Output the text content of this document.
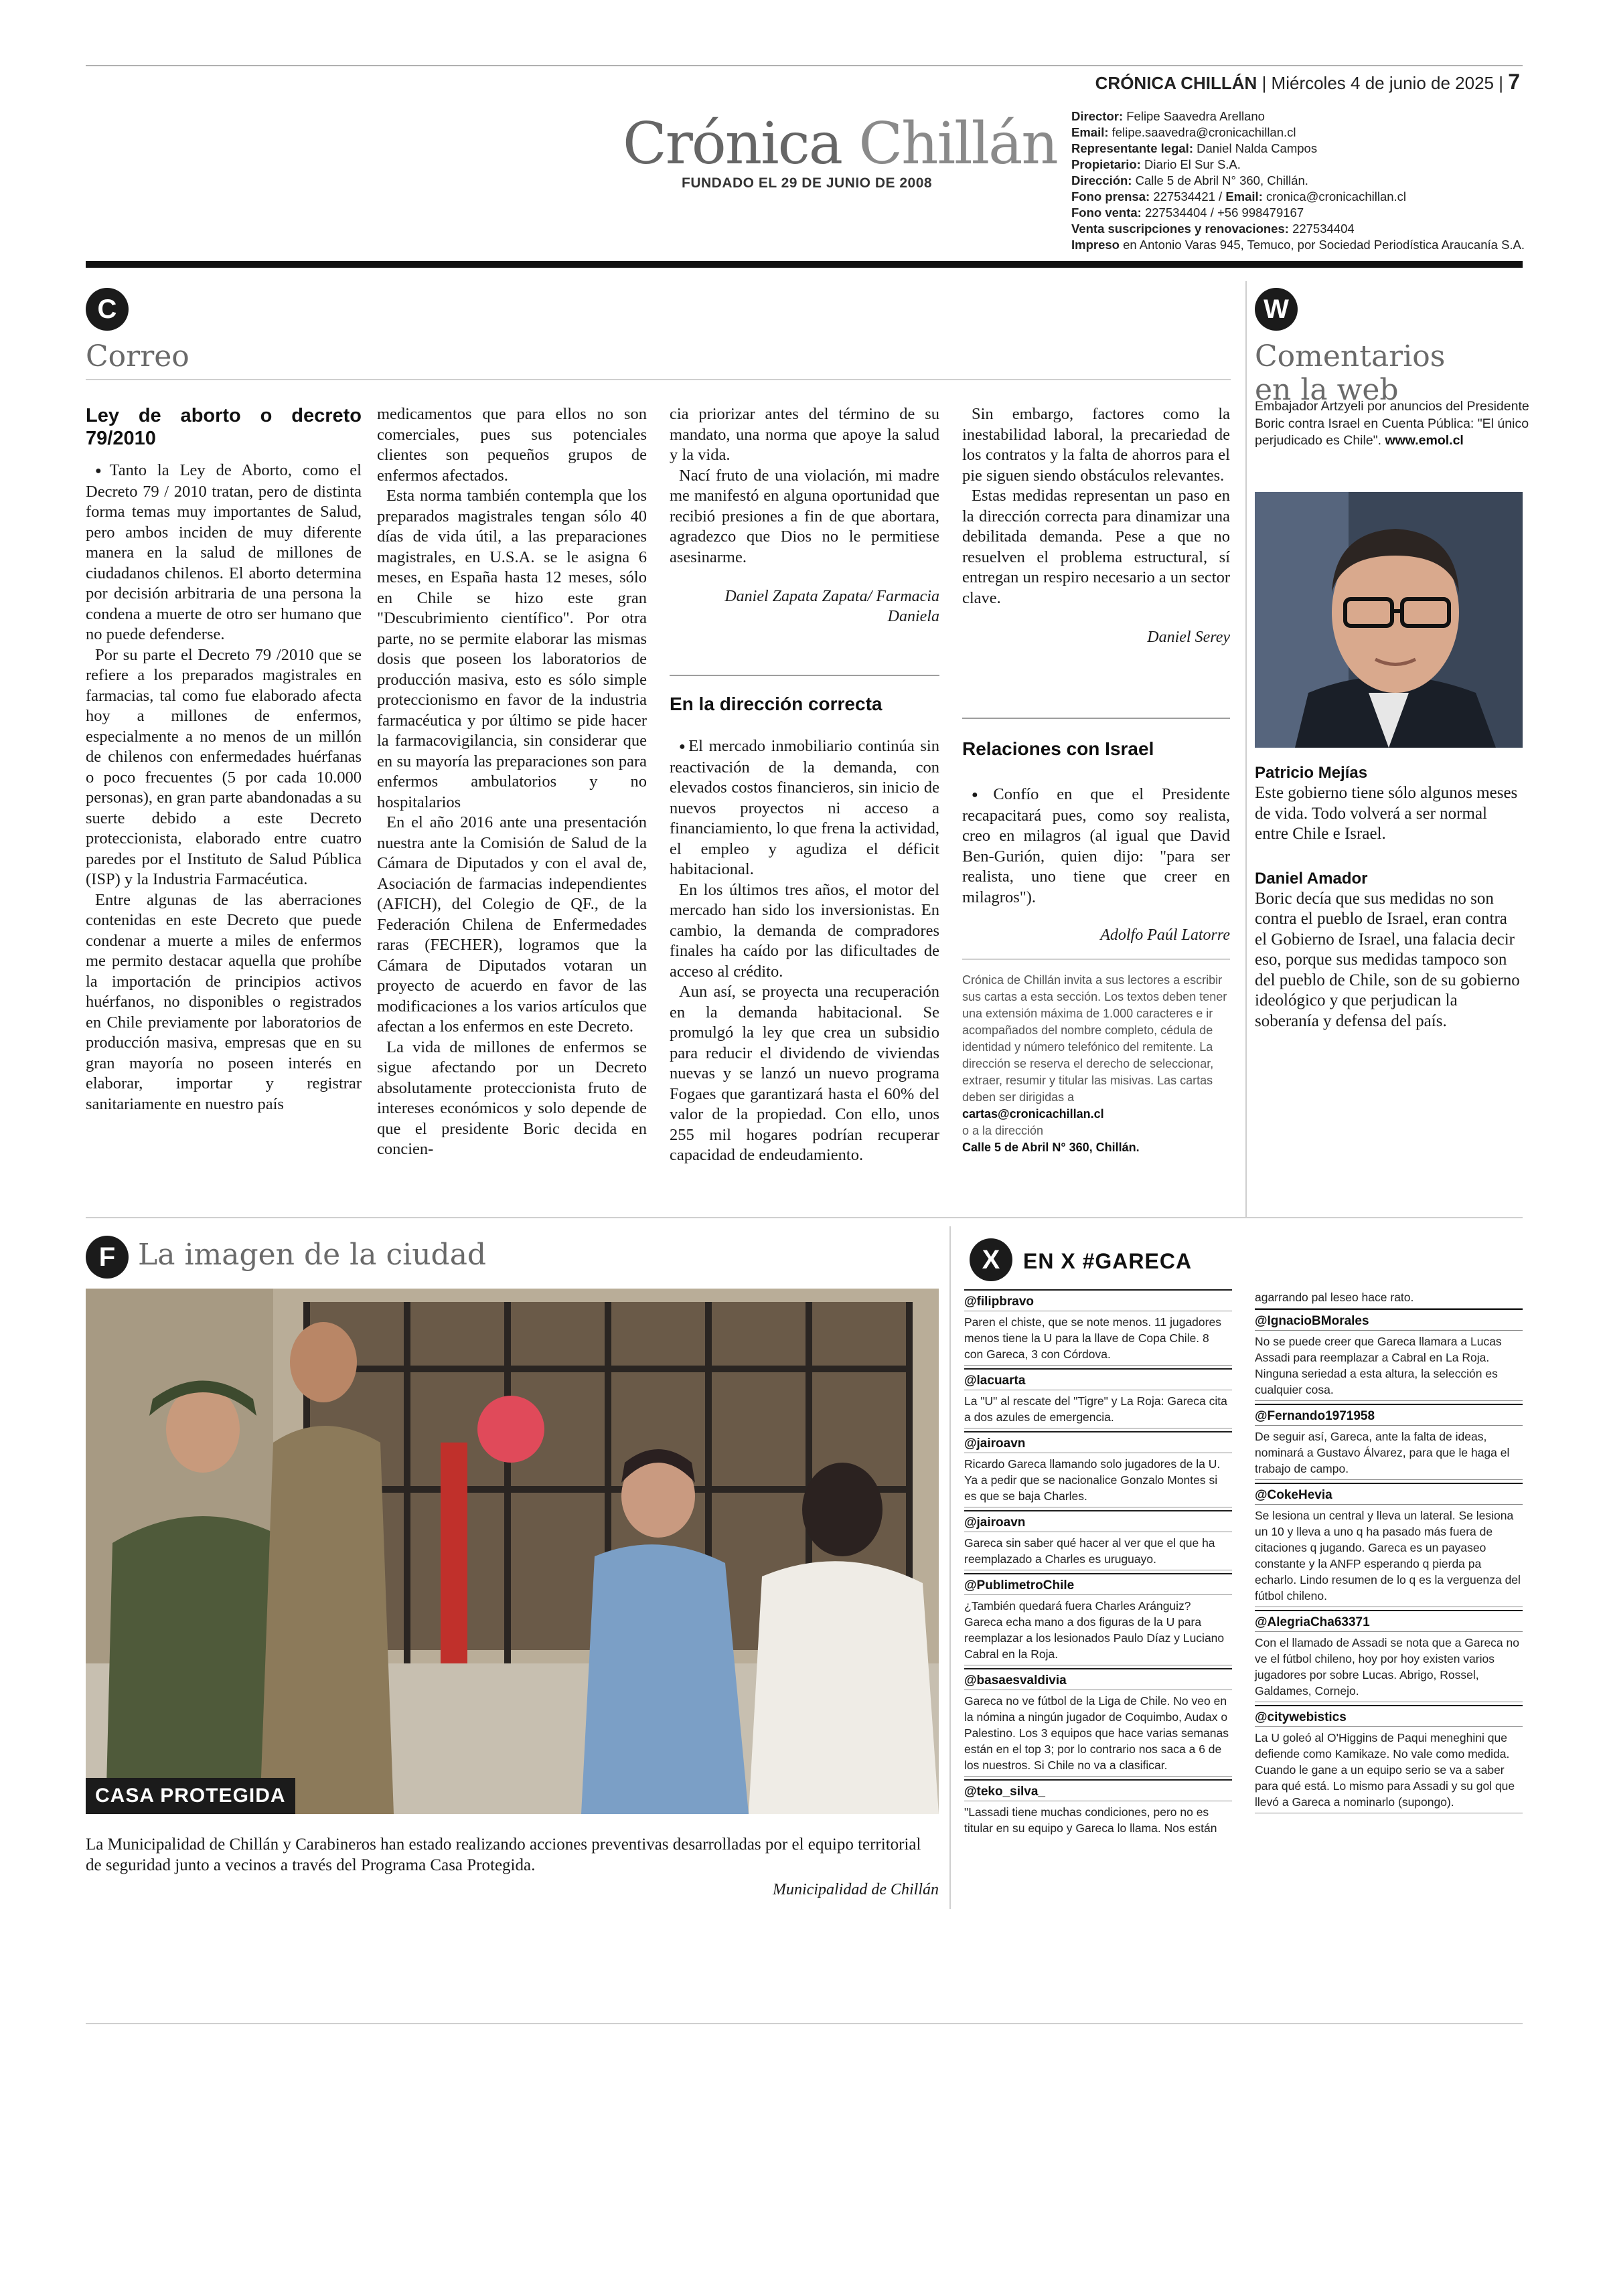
CRÓNICA CHILLÁN | Miércoles 4 de junio de 2025 | 7
Crónica Chillán
FUNDADO EL 29 DE JUNIO DE 2008
Director: Felipe Saavedra Arellano
Email: felipe.saavedra@cronicachillan.cl
Representante legal: Daniel Nalda Campos
Propietario: Diario El Sur S.A.
Dirección: Calle 5 de Abril N° 360, Chillán.
Fono prensa: 227534421 / Email: cronica@cronicachillan.cl
Fono venta: 227534404 / +56 998479167
Venta suscripciones y renovaciones: 227534404
Impreso en Antonio Varas 945, Temuco, por Sociedad Periodística Araucanía S.A.
C
Correo
Ley de aborto o decreto 79/2010

● Tanto la Ley de Aborto, como el Decreto 79 / 2010 tratan, pero de distinta forma temas muy importantes de Salud, pero ambos inciden de muy diferente manera en la salud de millones de ciudadanos chilenos. El aborto determina por decisión arbitraria de una persona la condena a muerte de otro ser humano que no puede defenderse.

Por su parte el Decreto 79 /2010 que se refiere a los preparados magistrales en farmacias, tal como fue elaborado afecta hoy a millones de enfermos, especialmente a no menos de un millón de chilenos con enfermedades huérfanas o poco frecuentes (5 por cada 10.000 personas), en gran parte abandonadas a su suerte debido a este Decreto proteccionista, elaborado entre cuatro paredes por el Instituto de Salud Pública (ISP) y la Industria Farmacéutica.

Entre algunas de las aberraciones contenidas en este Decreto que puede condenar a muerte a miles de enfermos me permito destacar aquella que prohíbe la importación de principios activos huérfanos, no disponibles o registrados en Chile previamente por laboratorios de producción masiva, empresas que en su gran mayoría no poseen interés en elaborar, importar y registrar sanitariamente en nuestro país

medicamentos que para ellos no son comerciales, pues sus potenciales clientes son pequeños grupos de enfermos afectados.

Esta norma también contempla que los preparados magistrales tengan sólo 40 días de vida útil, a las preparaciones magistrales, en U.S.A. se le asigna 6 meses, en España hasta 12 meses, sólo en Chile se hizo este gran "Descubrimiento científico". Por otra parte, no se permite elaborar las mismas dosis que poseen los laboratorios de producción masiva, esto es sólo simple proteccionismo en favor de la industria farmacéutica y por último se pide hacer la farmacovigilancia, sin considerar que en su mayoría las preparaciones son para enfermos ambulatorios y no hospitalarios

En el año 2016 ante una presentación nuestra ante la Comisión de Salud de la Cámara de Diputados y con el aval de, Asociación de farmacias independientes (AFICH), del Colegio de QF., de la Federación Chilena de Enfermedades raras (FECHER), logramos que la Cámara de Diputados votaran un proyecto de acuerdo en favor de las modificaciones a los varios artículos que afectan a los enfermos en este Decreto.

La vida de millones de enfermos se sigue afectando por un Decreto absolutamente proteccionista fruto de intereses económicos y solo depende de que el presidente Boric decida en concien-

cia priorizar antes del término de su mandato, una norma que apoye la salud y la vida.

Nací fruto de una violación, mi madre me manifestó en alguna oportunidad que recibió presiones a fin de que abortara, agradezco que Dios no le permitiese asesinarme.

Daniel Zapata Zapata/ Farmacia Daniela
En la dirección correcta

● El mercado inmobiliario continúa sin reactivación de la demanda, con elevados costos financieros, sin inicio de nuevos proyectos ni acceso a financiamiento, lo que frena la actividad, el empleo y agudiza el déficit habitacional.

En los últimos tres años, el motor del mercado han sido los inversionistas. En cambio, la demanda de compradores finales ha caído por las dificultades de acceso al crédito.

Aun así, se proyecta una recuperación en la demanda habitacional. Se promulgó la ley que crea un subsidio para reducir el dividendo de viviendas nuevas y se lanzó un nuevo programa Fogaes que garantizará hasta el 60% del valor de la propiedad. Con ello, unos 255 mil hogares podrían recuperar capacidad de endeudamiento.

Sin embargo, factores como la inestabilidad laboral, la precariedad de los contratos y la falta de ahorros para el pie siguen siendo obstáculos relevantes.

Estas medidas representan un paso en la dirección correcta para dinamizar una debilitada demanda. Pese a que no resuelven el problema estructural, sí entregan un respiro necesario a un sector clave.

Daniel Serey
Relaciones con Israel

● Confío en que el Presidente recapacitará pues, como soy realista, creo en milagros (al igual que David Ben-Gurión, quien dijo: "para ser realista, uno tiene que creer en milagros").

Adolfo Paúl Latorre
Crónica de Chillán invita a sus lectores a escribir sus cartas a esta sección. Los textos deben tener una extensión máxima de 1.000 caracteres e ir acompañados del nombre completo, cédula de identidad y número telefónico del remitente. La dirección se reserva el derecho de seleccionar, extraer, resumir y titular las misivas. Las cartas deben ser dirigidas a
cartas@cronicachillan.cl
o a la dirección
Calle 5 de Abril N° 360, Chillán.
W
Comentarios
en la web
Embajador Artzyeli por anuncios del Presidente Boric contra Israel en Cuenta Pública: "El único perjudicado es Chile". www.emol.cl
Patricio Mejías
Este gobierno tiene sólo algunos meses de vida. Todo volverá a ser normal entre Chile e Israel.
Daniel Amador
Boric decía que sus medidas no son contra el pueblo de Israel, eran contra el Gobierno de Israel, una falacia decir eso, porque sus medidas tampoco son del pueblo de Chile, son de su gobierno ideológico y que perjudican la soberanía y defensa del país.
F La imagen de la ciudad
CASA PROTEGIDA
La Municipalidad de Chillán y Carabineros han estado realizando acciones preventivas desarrolladas por el equipo territorial de seguridad junto a vecinos a través del Programa Casa Protegida.
Municipalidad de Chillán
X	EN X #GARECA
@filipbravo
Paren el chiste, que se note menos. 11 jugadores menos tiene la U para la llave de Copa Chile. 8 con Gareca, 3 con Córdova.
@lacuarta
La "U" al rescate del "Tigre" y La Roja: Gareca cita a dos azules de emergencia.
@jairoavn
Ricardo Gareca llamando solo jugadores de la U. Ya a pedir que se nacionalice Gonzalo Montes si es que se baja Charles.
@jairoavn
Gareca sin saber qué hacer al ver que el que ha reemplazado a Charles es uruguayo.
@PublimetroChile
¿También quedará fuera Charles Aránguiz? Gareca echa mano a dos figuras de la U para reemplazar a los lesionados Paulo Díaz y Luciano Cabral en la Roja.
@basaesvaldivia
Gareca no ve fútbol de la Liga de Chile. No veo en la nómina a ningún jugador de Coquimbo, Audax o Palestino. Los 3 equipos que hace varias semanas están en el top 3; por lo contrario nos saca a 6 de los nuestros. Si Chile no va a clasificar.
@teko_silva_
"Lassadi tiene muchas condiciones, pero no es titular en su equipo y Gareca lo llama. Nos están
agarrando pal leseo hace rato.
@IgnacioBMorales
No se puede creer que Gareca llamara a Lucas Assadi para reemplazar a Cabral en La Roja. Ninguna seriedad a esta altura, la selección es cualquier cosa.
@Fernando1971958
De seguir así, Gareca, ante la falta de ideas, nominará a Gustavo Álvarez, para que le haga el trabajo de campo.
@CokeHevia
Se lesiona un central y lleva un lateral. Se lesiona un 10 y lleva a uno q ha pasado más fuera de citaciones q jugando. Gareca es un payaseo constante y la ANFP esperando q pierda pa echarlo. Lindo resumen de lo q es la verguenza del fútbol chileno.
@AlegriaCha63371
Con el llamado de Assadi se nota que a Gareca no ve el fútbol chileno, hoy por hoy existen varios jugadores por sobre Lucas. Abrigo, Rossel, Galdames, Cornejo.
@citywebistics
La U goleó al O'Higgins de Paqui meneghini que defiende como Kamikaze. No vale como medida. Cuando le gane a un equipo serio se va a saber para qué está. Lo mismo para Assadi y su gol que llevó a Gareca a nominarlo (supongo).
